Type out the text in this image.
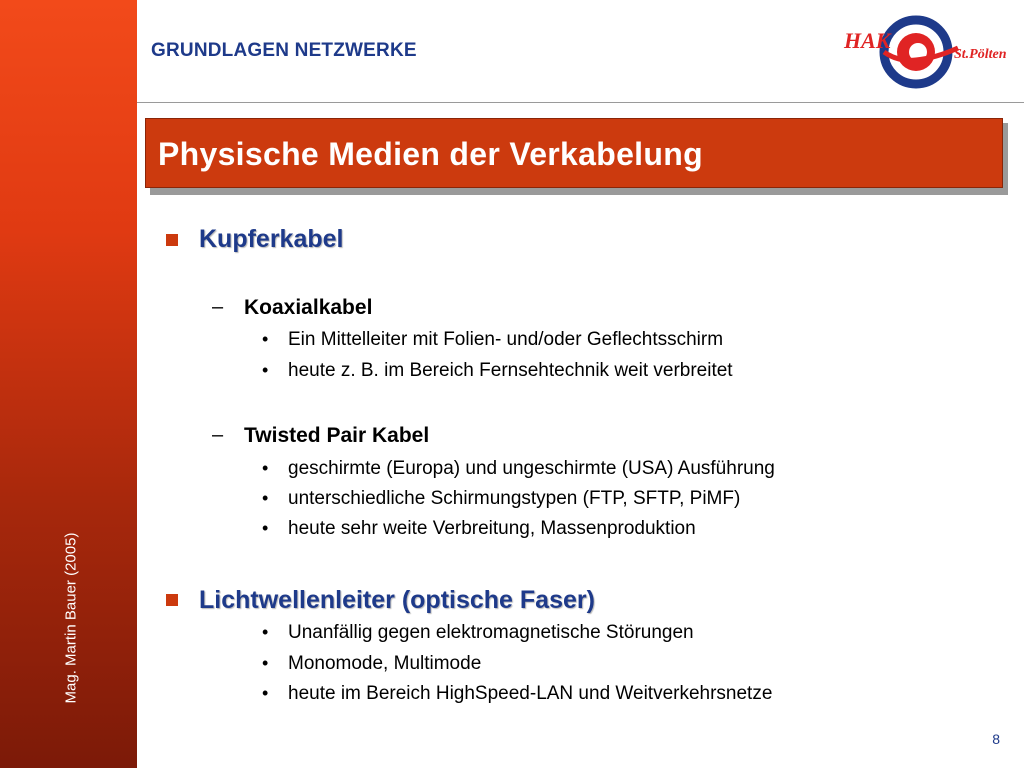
Mag. Martin Bauer (2005)
GRUNDLAGEN NETZWERKE	HAK
St.Pölten
Physische Medien der Verkabelung
Kupferkabel
– Koaxialkabel
• Ein Mittelleiter mit Folien- und/oder Geflechtsschirm
• heute z. B. im Bereich Fernsehtechnik weit verbreitet
– Twisted Pair Kabel
• geschirmte (Europa) und ungeschirmte (USA) Ausführung
• unterschiedliche Schirmungstypen (FTP, SFTP, PiMF)
• heute sehr weite Verbreitung, Massenproduktion
Lichtwellenleiter (optische Faser)
• Unanfällig gegen elektromagnetische Störungen
• Monomode, Multimode
• heute im Bereich HighSpeed-LAN und Weitverkehrsnetze
8
